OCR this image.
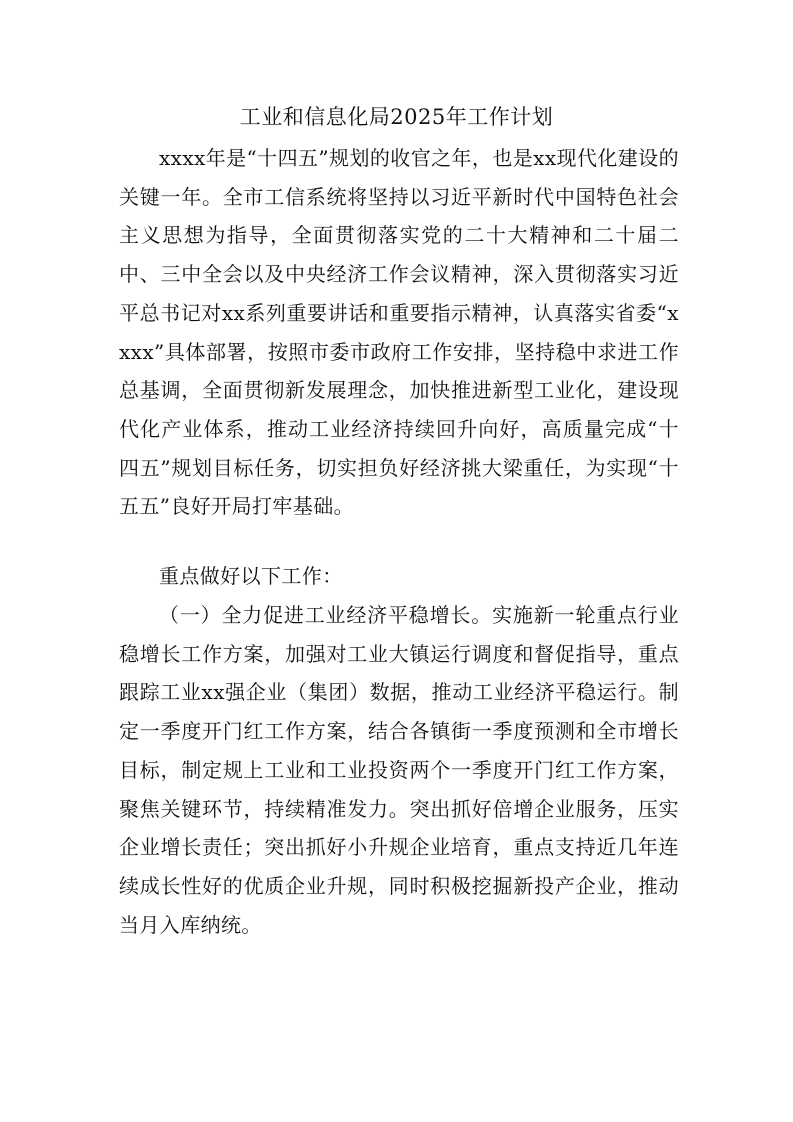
工业和信息化局2025年工作计划

xxxx年是“十四五”规划的收官之年，也是xx现代化建设的关键一年。全市工信系统将坚持以习近平新时代中国特色社会主义思想为指导，全面贯彻落实党的二十大精神和二十届二中、三中全会以及中央经济工作会议精神，深入贯彻落实习近平总书记对xx系列重要讲话和重要指示精神，认真落实省委“xxxx”具体部署，按照市委市政府工作安排，坚持稳中求进工作总基调，全面贯彻新发展理念，加快推进新型工业化，建设现代化产业体系，推动工业经济持续回升向好，高质量完成“十四五”规划目标任务，切实担负好经济挑大梁重任，为实现“十五五”良好开局打牢基础。

重点做好以下工作：

（一）全力促进工业经济平稳增长。实施新一轮重点行业稳增长工作方案，加强对工业大镇运行调度和督促指导，重点跟踪工业xx强企业（集团）数据，推动工业经济平稳运行。制定一季度开门红工作方案，结合各镇街一季度预测和全市增长目标，制定规上工业和工业投资两个一季度开门红工作方案，聚焦关键环节，持续精准发力。突出抓好倍增企业服务，压实企业增长责任；突出抓好小升规企业培育，重点支持近几年连续成长性好的优质企业升规，同时积极挖掘新投产企业，推动当月入库纳统。
